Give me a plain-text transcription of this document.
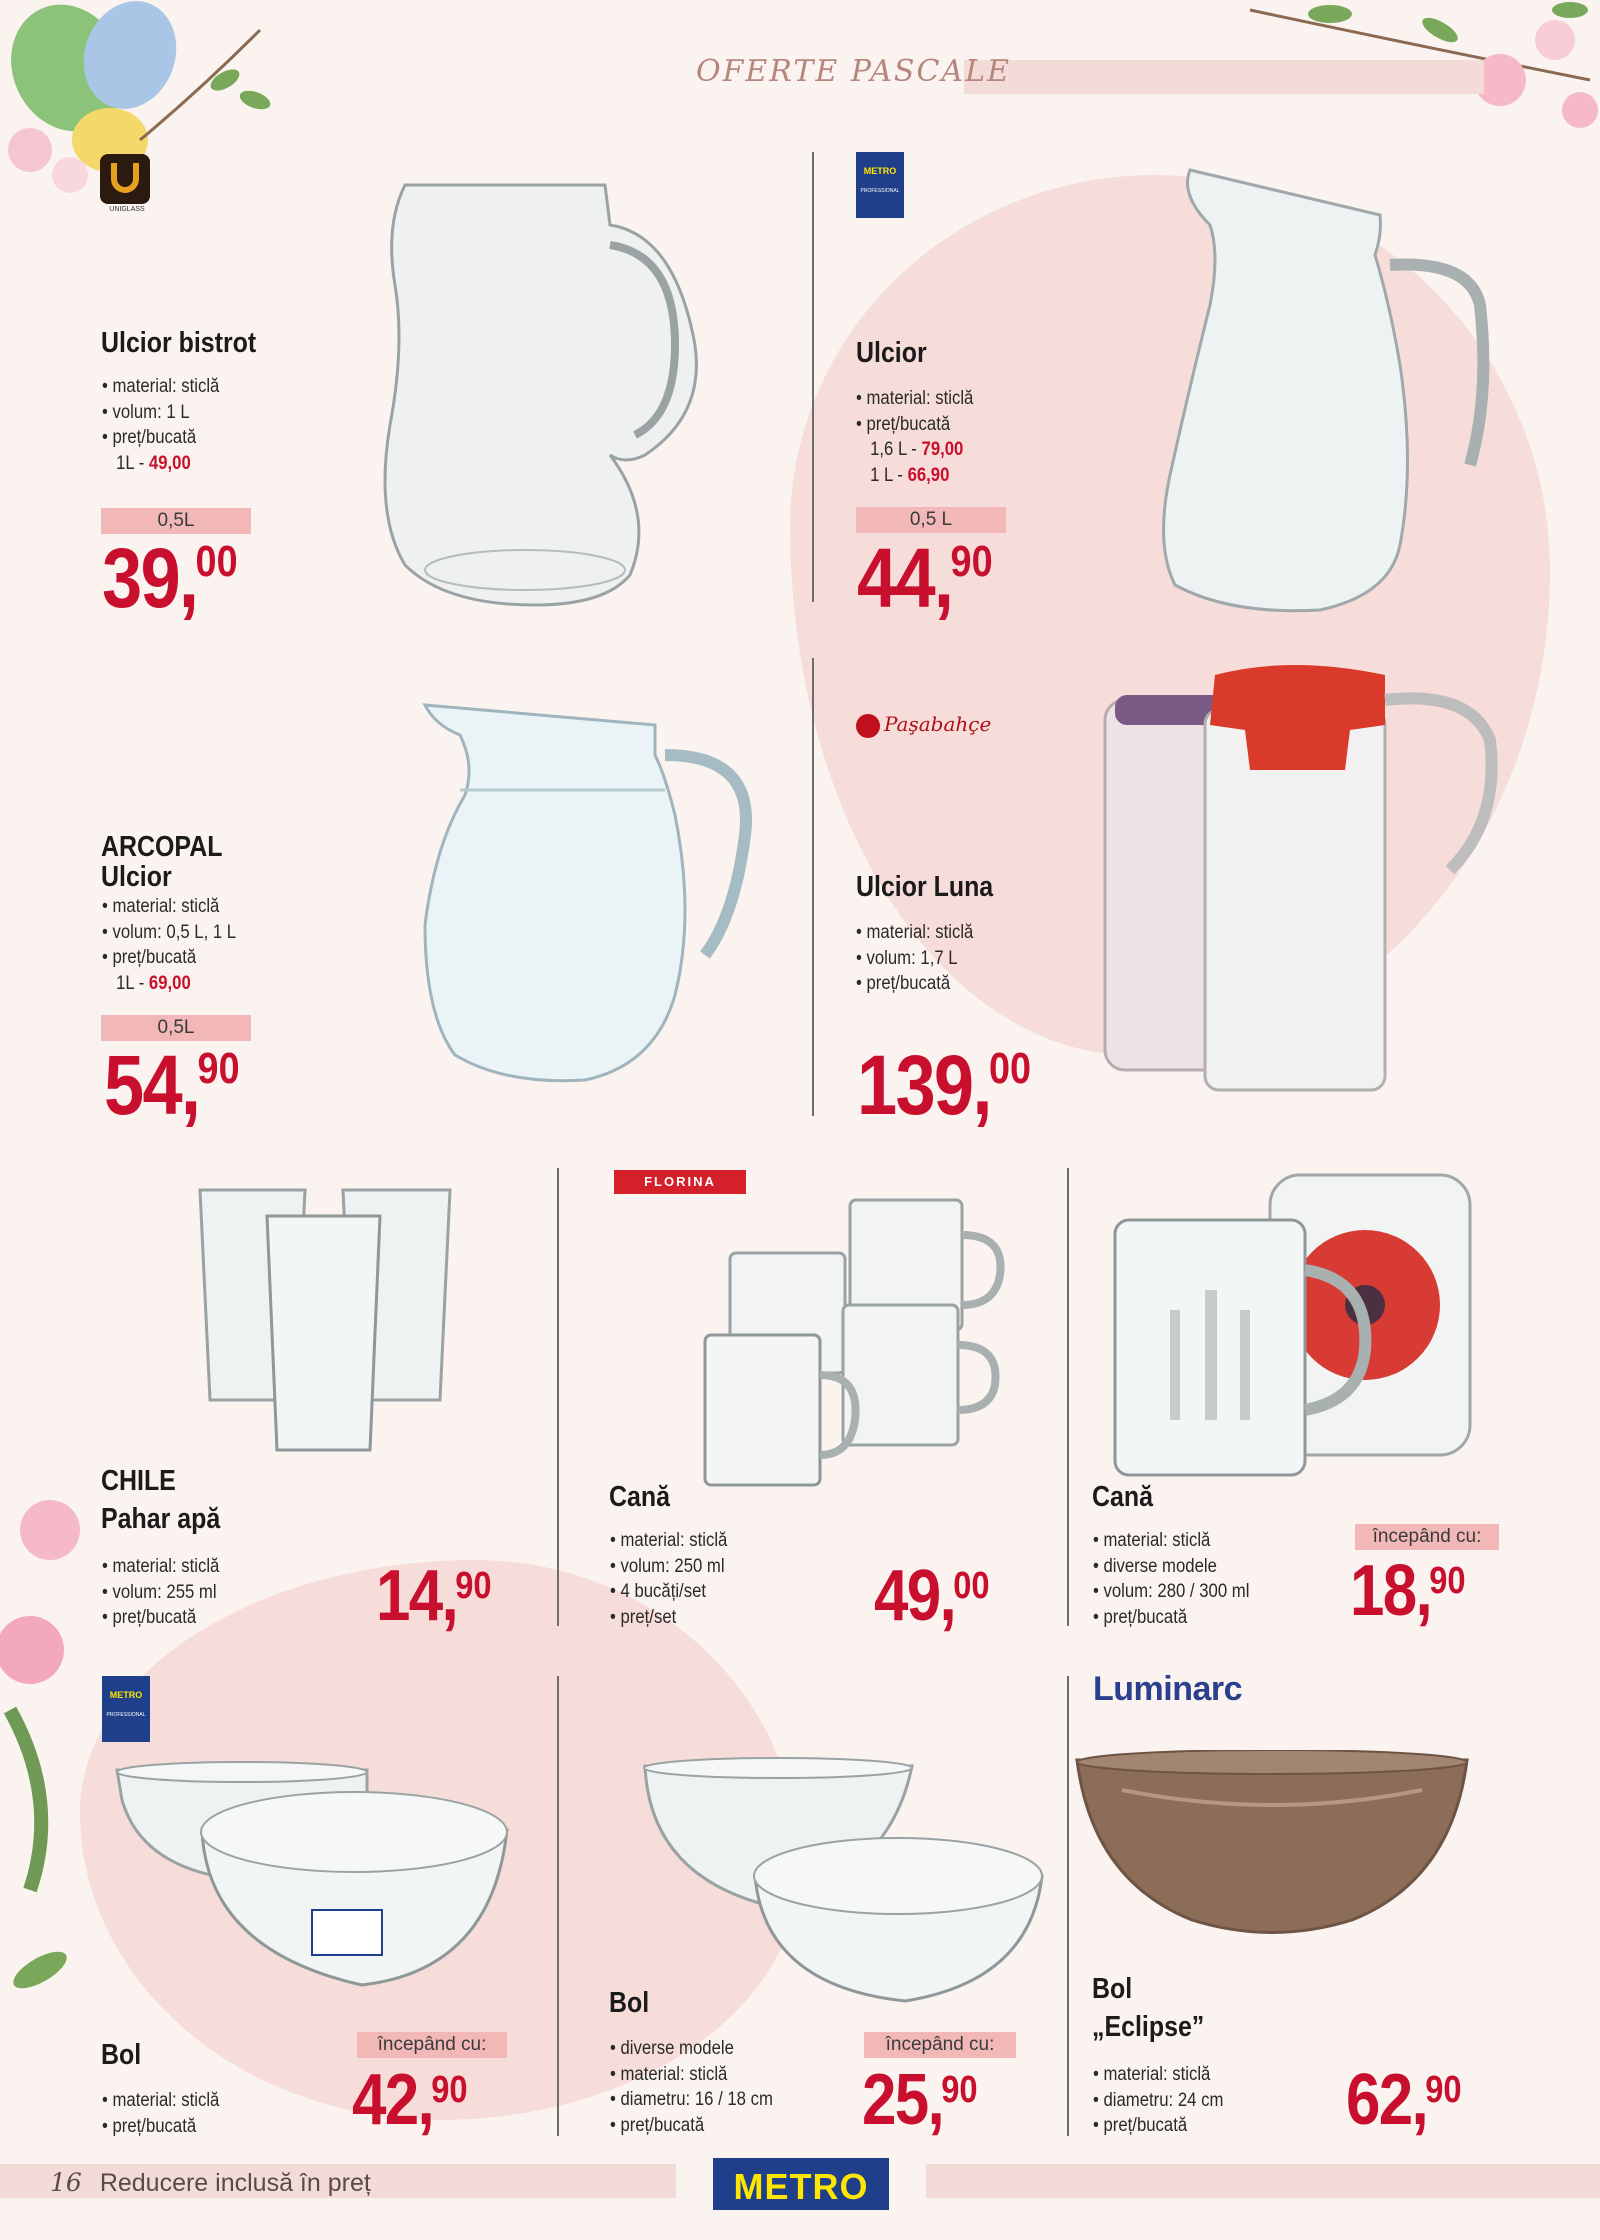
OFERTE PASCALE
UNIGLASS
Ulcior bistrot
• material: sticlă
• volum: 1 L
• preț/bucată
1L - 49,00
0,5L
39,00
METRO
PROFESSIONAL
Ulcior
• material: sticlă
• preț/bucată
1,6 L - 79,00
1 L - 66,90
0,5 L
44,90
ARCOPAL
Ulcior
• material: sticlă
• volum: 0,5 L, 1 L
• preț/bucată
1L - 69,00
0,5L
54,90
Paşabahçe
Ulcior Luna
• material: sticlă
• volum: 1,7 L
• preț/bucată
139,00
CHILE
Pahar apă
• material: sticlă
• volum: 255 ml
• preț/bucată	14,90
FLORINA
Cană
• material: sticlă
• volum: 250 ml
• 4 bucăți/set
• preț/set	49,00
Cană
• material: sticlă
• diverse modele
• volum: 280 / 300 ml
• preț/bucată
începând cu:
18,90
METRO
PROFESSIONAL
Bol
• material: sticlă
• preț/bucată
începând cu:
42,90
Bol
• diverse modele
• material: sticlă
• diametru: 16 / 18 cm
• preț/bucată
începând cu:
25,90
Luminarc
Bol
„Eclipse”
• material: sticlă
• diametru: 24 cm
• preț/bucată	62,90
16 Reducere inclusă în preț	METRO
